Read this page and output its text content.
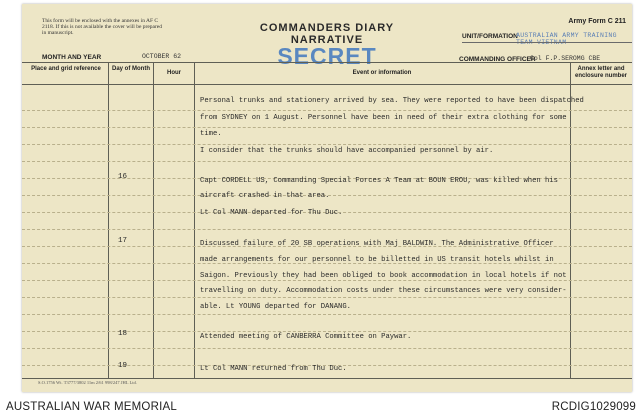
This form will be enclosed with the annexes in AF C 2118. If this is not available the cover will be prepared in manuscript.
Army Form C 211
COMMANDERS DIARY
NARRATIVE
SECRET
UNIT/FORMATION
AUSTRALIAN ARMY TRAINING TEAM VIETNAM
MONTH AND YEAR	OCTOBER 62	COMMANDING OFFICER
Col F.P.SEROMG CBE
Place and grid reference	Day of Month
Hour	Event or information
Annex letter and enclosure number
Personal trunks and stationery arrived by sea. They were reported to have been dispatched
from SYDNEY on 1 August. Personnel have been in need of their extra clothing for some
time.
I consider that the trunks should have accompanied personnel by air.
16	Capt CORDELL US, Commanding Special Forces A Team at BOUN EROU, was killed when his
aircraft crashed in that area.
Lt Col MANN departed for Thu Duc.
17	Discussed failure of 20 SB operations with Maj BALDWIN. The Administrative Officer
made arrangements for our personnel to be billetted in US transit hotels whilst in
Saigon. Previously they had been obliged to book accommodation in local hotels if not
travelling on duty. Accommodation costs under these circumstances were very consider-
able. Lt YOUNG departed for DANANG.
18	Attended meeting of CANBERRA Committee on Paywar.
19	Lt Col MANN returned from Thu Duc.
S.O.1756 Wt. T3777/3802 11m 2/61 998/247 JHL Ltd.
AUSTRALIAN WAR MEMORIAL	RCDIG1029099
